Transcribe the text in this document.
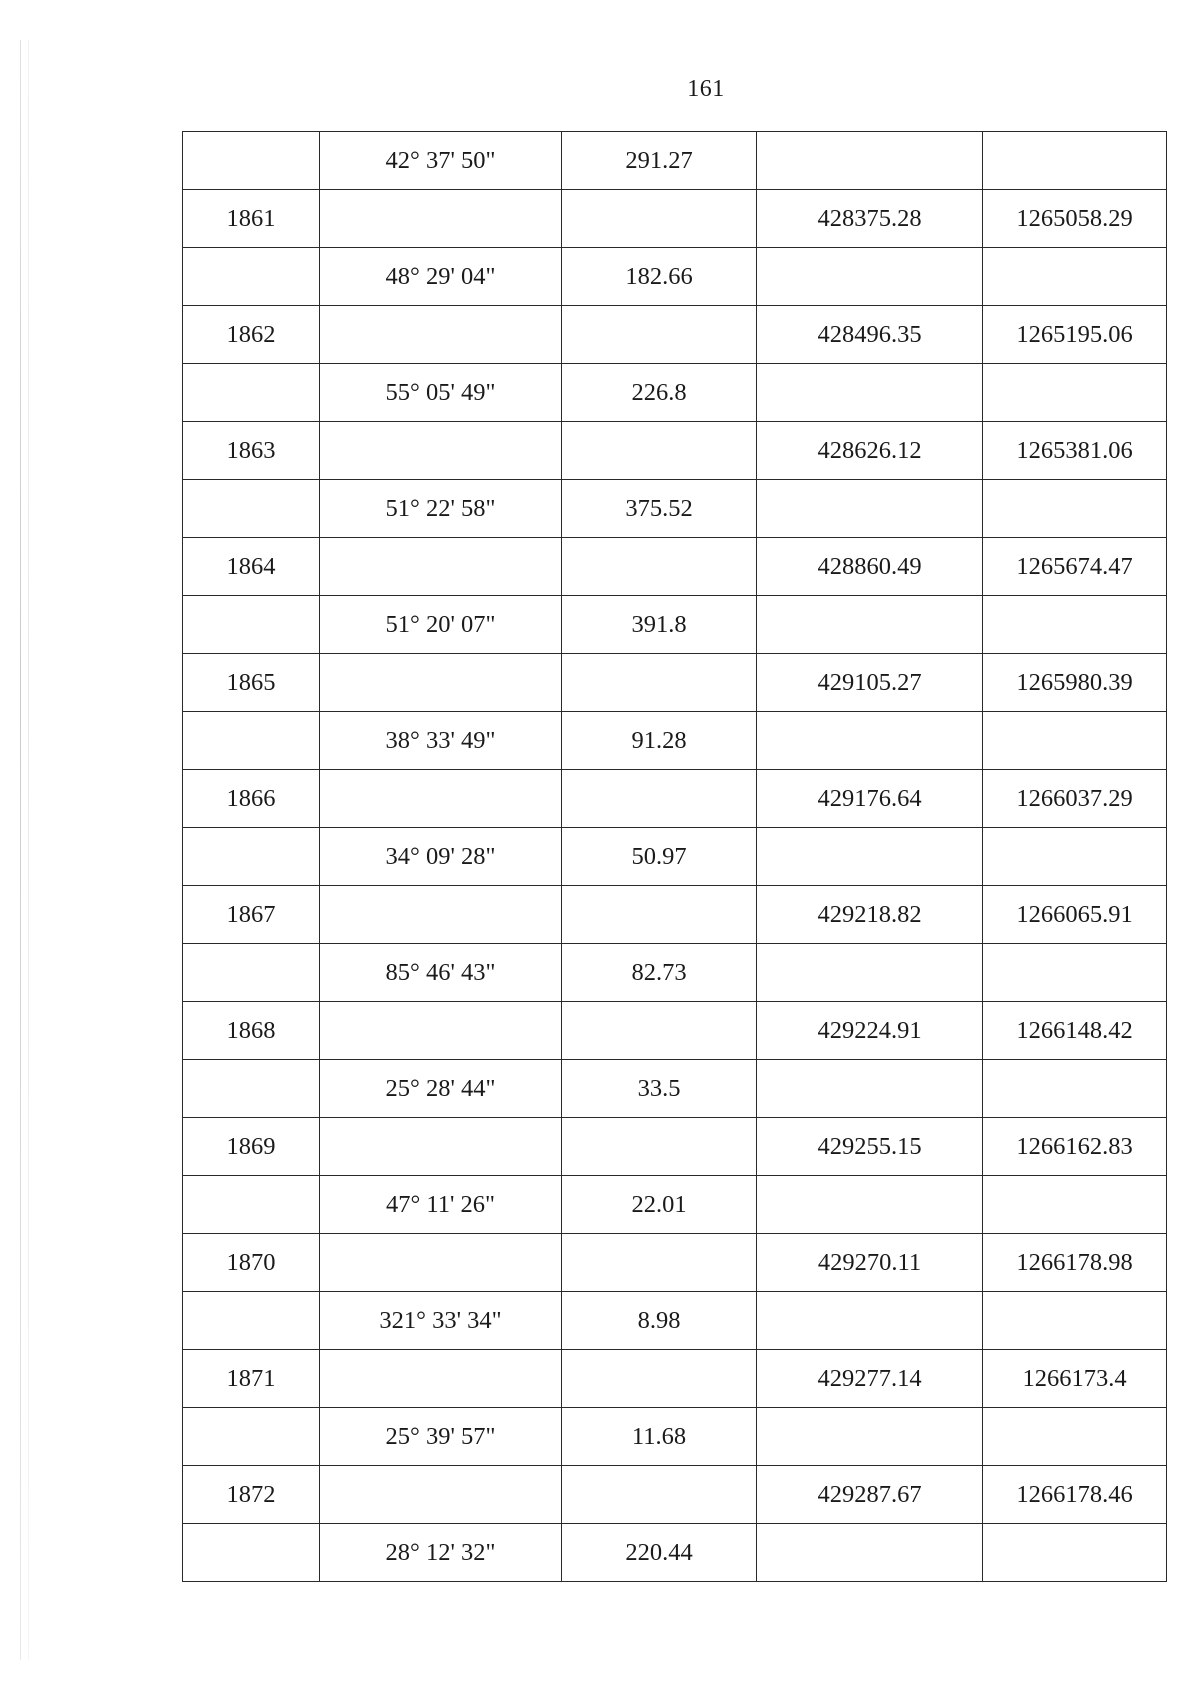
161
	42° 37' 50"	291.27		
1861			428375.28	1265058.29
	48° 29' 04"	182.66		
1862			428496.35	1265195.06
	55° 05' 49"	226.8		
1863			428626.12	1265381.06
	51° 22' 58"	375.52		
1864			428860.49	1265674.47
	51° 20' 07"	391.8		
1865			429105.27	1265980.39
	38° 33' 49"	91.28		
1866			429176.64	1266037.29
	34° 09' 28"	50.97		
1867			429218.82	1266065.91
	85° 46' 43"	82.73		
1868			429224.91	1266148.42
	25° 28' 44"	33.5		
1869			429255.15	1266162.83
	47° 11' 26"	22.01		
1870			429270.11	1266178.98
	321° 33' 34"	8.98		
1871			429277.14	1266173.4
	25° 39' 57"	11.68		
1872			429287.67	1266178.46
	28° 12' 32"	220.44		
